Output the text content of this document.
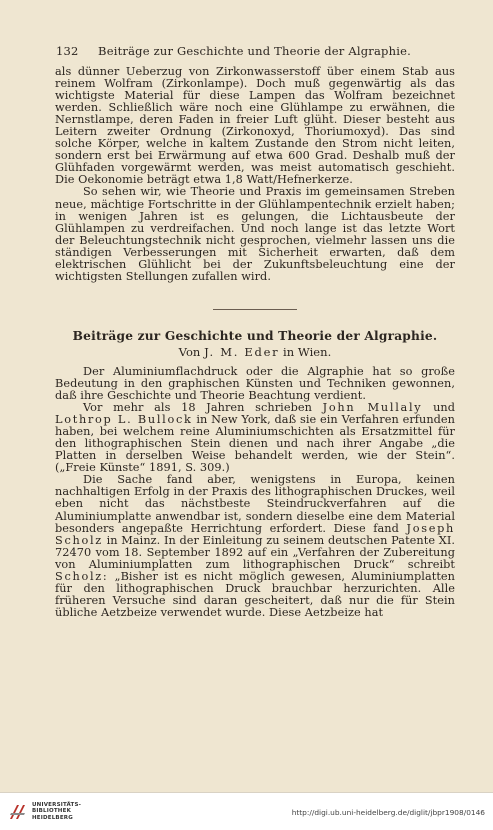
132	Beiträge zur Geschichte und Theorie der Algraphie.

als dünner Ueberzug von Zirkonwasserstoff über einem Stab aus reinem Wolfram (Zirkonlampe). Doch muß gegenwärtig als das wichtigste Material für diese Lampen das Wolfram bezeichnet werden. Schließlich wäre noch eine Glühlampe zu erwähnen, die Nernstlampe, deren Faden in freier Luft glüht. Dieser besteht aus Leitern zweiter Ordnung (Zirkonoxyd, Thoriumoxyd). Das sind solche Körper, welche in kaltem Zustande den Strom nicht leiten, sondern erst bei Erwärmung auf etwa 600 Grad. Deshalb muß der Glühfaden vorgewärmt werden, was meist automatisch geschieht. Die Oekonomie beträgt etwa 1,8 Watt/Hefnerkerze.

So sehen wir, wie Theorie und Praxis im gemeinsamen Streben neue, mächtige Fortschritte in der Glühlampentechnik erzielt haben; in wenigen Jahren ist es gelungen, die Lichtausbeute der Glühlampen zu verdreifachen. Und noch lange ist das letzte Wort der Beleuchtungstechnik nicht gesprochen, vielmehr lassen uns die ständigen Verbesserungen mit Sicherheit erwarten, daß dem elektrischen Glühlicht bei der Zukunftsbeleuchtung eine der wichtigsten Stellungen zufallen wird.

Beiträge zur Geschichte und Theorie der Algraphie.
Von J. M. Eder in Wien.

Der Aluminiumflachdruck oder die Algraphie hat so große Bedeutung in den graphischen Künsten und Techniken gewonnen, daß ihre Geschichte und Theorie Beachtung verdient.

Vor mehr als 18 Jahren schrieben John Mullaly und Lothrop L. Bullock in New York, daß sie ein Verfahren erfunden haben, bei welchem reine Aluminiumschichten als Ersatzmittel für den lithographischen Stein dienen und nach ihrer Angabe „die Platten in derselben Weise behandelt werden, wie der Stein“. („Freie Künste“ 1891, S. 309.)

Die Sache fand aber, wenigstens in Europa, keinen nachhaltigen Erfolg in der Praxis des lithographischen Druckes, weil eben nicht das nächstbeste Steindruckverfahren auf die Aluminiumplatte anwendbar ist, sondern dieselbe eine dem Material besonders angepaßte Herrichtung erfordert. Diese fand Joseph Scholz in Mainz. In der Einleitung zu seinem deutschen Patente XI. 72470 vom 18. September 1892 auf ein „Verfahren der Zubereitung von Aluminiumplatten zum lithographischen Druck“ schreibt Scholz: „Bisher ist es nicht möglich gewesen, Aluminiumplatten für den lithographischen Druck brauchbar herzurichten. Alle früheren Versuche sind daran gescheitert, daß nur die für Stein übliche Aetzbeize verwendet wurde. Diese Aetzbeize hat

UNIVERSITÄTS-
BIBLIOTHEK
HEIDELBERG
http://digi.ub.uni-heidelberg.de/diglit/jbpr1908/0146
